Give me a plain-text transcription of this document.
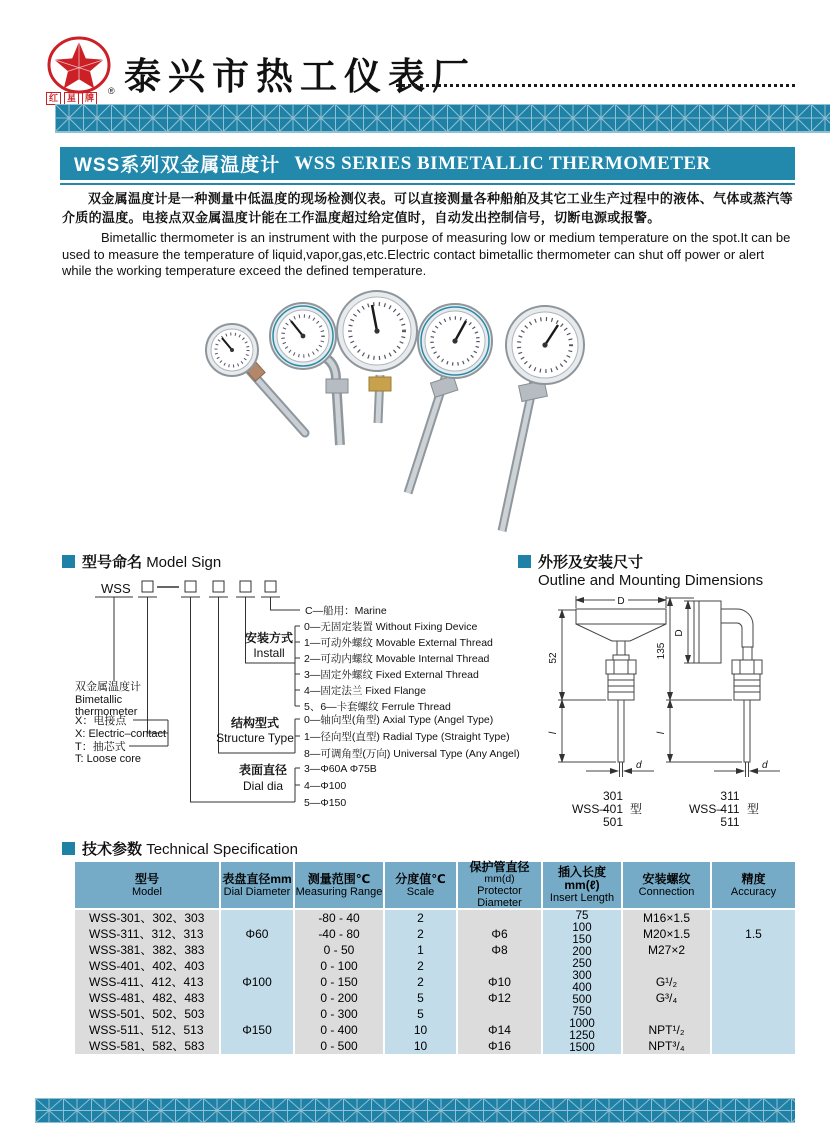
®
红	星	牌
泰兴市热工仪表厂
WSS系列双金属温度计 WSS SERIES BIMETALLIC THERMOMETER

双金属温度计是一种测量中低温度的现场检测仪表。可以直接测量各种船舶及其它工业生产过程中的液体、气体或蒸汽等介质的温度。电接点双金属温度计能在工作温度超过给定值时，自动发出控制信号，切断电源或报警。

Bimetallic thermometer is an instrument with the purpose of measuring low or medium temperature on the spot.It can be used to measure the temperature of liquid,vapor,gas,etc.Electric contact bimetallic thermometer can shut off power or alert while the working temperature exceed the defined temperature.

型号命名 Model Sign
WSS
双金属温度计
Bimetallic
thermometer
X：电接点
X: Electric–contact
T：抽芯式
T: Loose core
C—船用：Marine
安装方式
Install
0—无固定装置 Without Fixing Device
1—可动外螺纹 Movable External Thread
2—可动内螺纹 Movable Internal Thread
3—固定外螺纹 Fixed External Thread
4—固定法兰 Fixed Flange
5、6—卡套螺纹 Ferrule Thread
结构型式
Structure Type
0—轴向型(角型) Axial Type (Angel Type)
1—径向型(直型) Radial Type (Straight Type)
8—可调角型(万向) Universal Type (Any Angel)
表面直径
Dial dia
3—Φ60A Φ75B
4—Φ100
5—Φ150
外形及安装尺寸
Outline and Mounting Dimensions
D
52
l
d
301
WSS–
401 型
501
D
135
l
d
311
WSS–
411 型
511
技术参数 Technical Specification
型号
Model
表盘直径mm
Dial Diameter
测量范围℃
Measuring Range
分度值℃
Scale
保护管直径
mm(d)
Protector Diameter
插入长度mm(ℓ)
Insert Length
安装螺纹
Connection
精度
Accuracy
WSS-301、302、303
WSS-311、312、313
WSS-381、382、383
WSS-401、402、403
WSS-411、412、413
WSS-481、482、483
WSS-501、502、503
WSS-511、512、513
WSS-581、582、583
Φ60
Φ100
Φ150
-80 - 40
-40 - 80
0 - 50
0 - 100
0 - 150
0 - 200
0 - 300
0 - 400
0 - 500
2
2
1
2
2
5
5
10
10
Φ6
Φ8
Φ10
Φ12
Φ14
Φ16
75
100
150
200
250
300
400
500
750
1000
1250
1500
M16×1.5
M20×1.5
M27×2
G¹/₂
G³/₄
NPT¹/₂
NPT³/₄
1.5
